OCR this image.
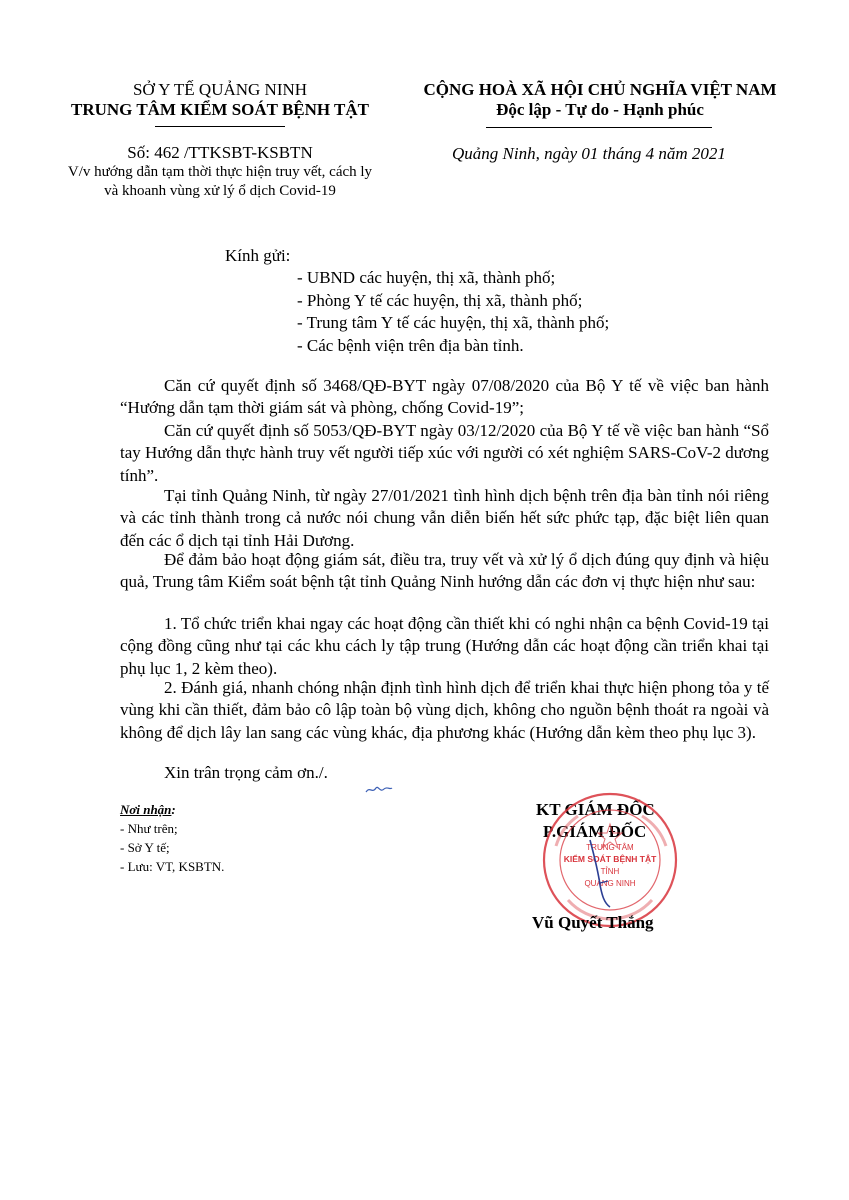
SỞ Y TẾ QUẢNG NINH
TRUNG TÂM KIỂM SOÁT BỆNH TẬT
CỘNG HOÀ XÃ HỘI CHỦ NGHĨA VIỆT NAM
Độc lập - Tự do - Hạnh phúc
Số: 462 /TTKSBT-KSBTN
V/v hướng dẫn tạm thời thực hiện truy vết, cách ly
và khoanh vùng xử lý ổ dịch Covid-19
Quảng Ninh, ngày 01 tháng 4 năm 2021
Kính gửi:
- UBND các huyện, thị xã, thành phố;
- Phòng Y tế các huyện, thị xã, thành phố;
- Trung tâm Y tế các huyện, thị xã, thành phố;
- Các bệnh viện trên địa bàn tỉnh.
Căn cứ quyết định số 3468/QĐ-BYT ngày 07/08/2020 của Bộ Y tế về việc ban hành “Hướng dẫn tạm thời giám sát và phòng, chống Covid-19”;
Căn cứ quyết định số 5053/QĐ-BYT ngày 03/12/2020 của Bộ Y tế về việc ban hành “Sổ tay Hướng dẫn thực hành truy vết người tiếp xúc với người có xét nghiệm SARS-CoV-2 dương tính”.
Tại tỉnh Quảng Ninh, từ ngày 27/01/2021 tình hình dịch bệnh trên địa bàn tỉnh nói riêng và các tỉnh thành trong cả nước nói chung vẫn diễn biến hết sức phức tạp, đặc biệt liên quan đến các ổ dịch tại tỉnh Hải Dương.
Để đảm bảo hoạt động giám sát, điều tra, truy vết và xử lý ổ dịch đúng quy định và hiệu quả, Trung tâm Kiểm soát bệnh tật tỉnh Quảng Ninh hướng dẫn các đơn vị thực hiện như sau:
1. Tổ chức triển khai ngay các hoạt động cần thiết khi có nghi nhận ca bệnh Covid-19 tại cộng đồng cũng như tại các khu cách ly tập trung (Hướng dẫn các hoạt động cần triển khai tại phụ lục 1, 2 kèm theo).
2. Đánh giá, nhanh chóng nhận định tình hình dịch để triển khai thực hiện phong tỏa y tế vùng khi cần thiết, đảm bảo cô lập toàn bộ vùng dịch, không cho nguồn bệnh thoát ra ngoài và không để dịch lây lan sang các vùng khác, địa phương khác (Hướng dẫn kèm theo phụ lục 3).
Xin trân trọng cảm ơn./.
Nơi nhận:
- Như trên;
- Sở Y tế;
- Lưu: VT, KSBTN.
KT GIÁM ĐỐC
P.GIÁM ĐỐC
TRUNG TÂM
KIỂM SOÁT BỆNH TẬT
TỈNH
QUẢNG NINH
Vũ Quyết Thắng
